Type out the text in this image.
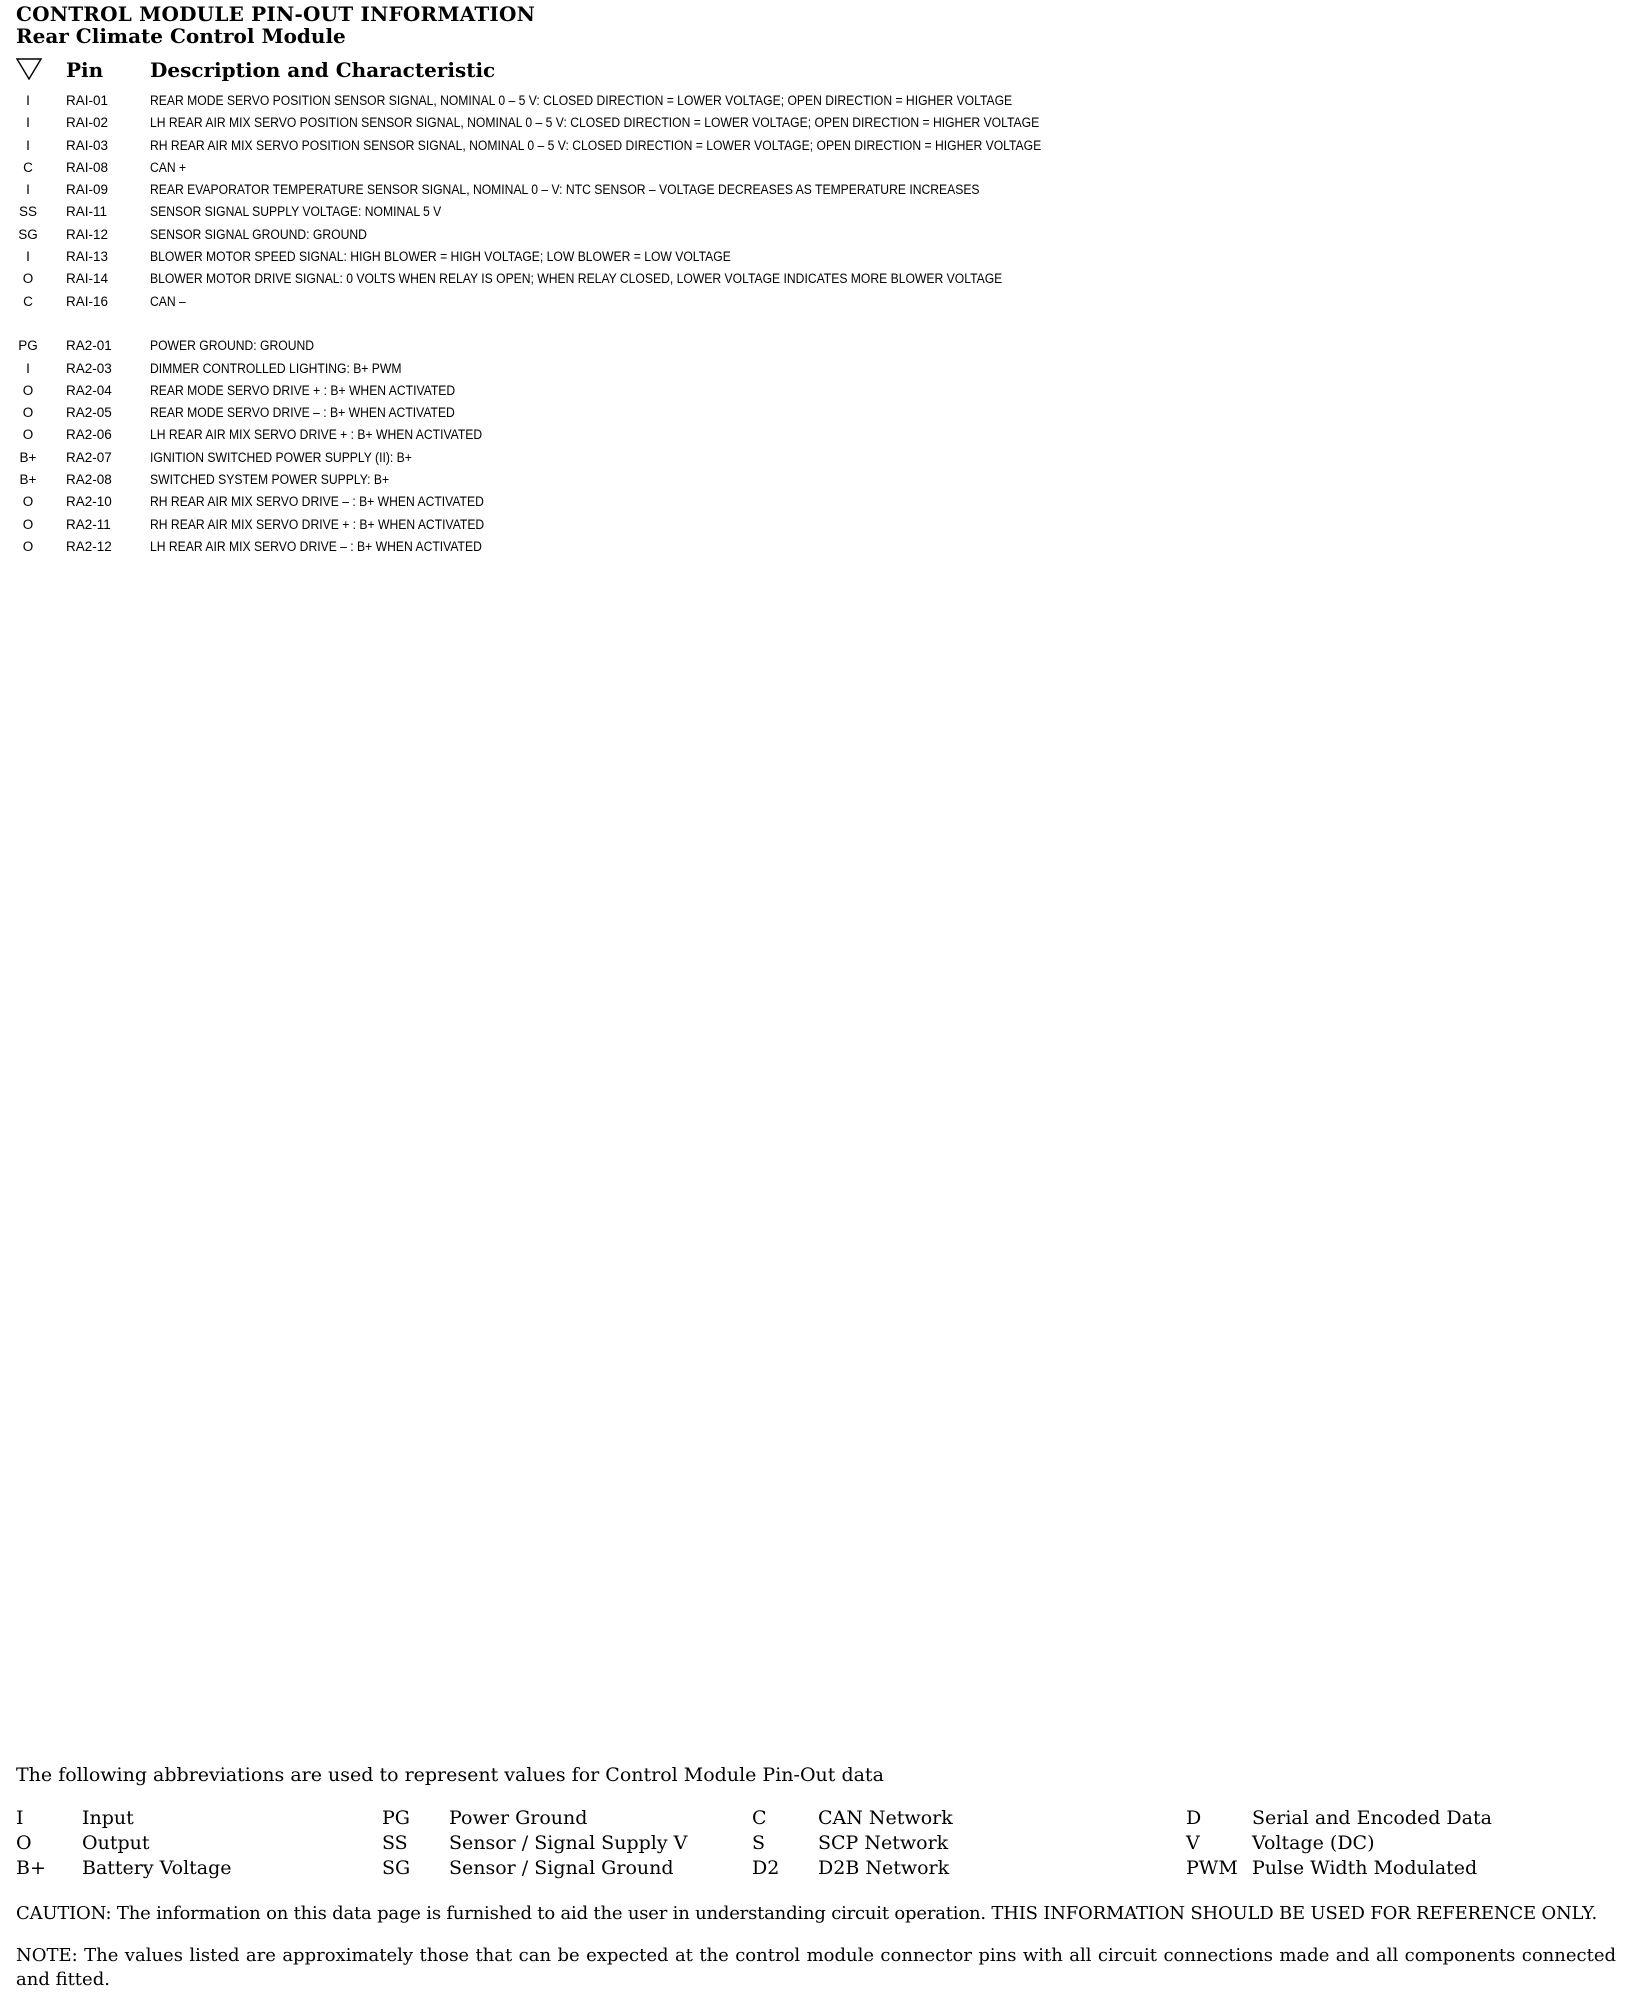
CONTROL MODULE PIN-OUT INFORMATION
Rear Climate Control Module
Pin Description and Characteristic
I	RAI-01	REAR MODE SERVO POSITION SENSOR SIGNAL, NOMINAL 0 – 5 V: CLOSED DIRECTION = LOWER VOLTAGE; OPEN DIRECTION = HIGHER VOLTAGE
I	RAI-02	LH REAR AIR MIX SERVO POSITION SENSOR SIGNAL, NOMINAL 0 – 5 V: CLOSED DIRECTION = LOWER VOLTAGE; OPEN DIRECTION = HIGHER VOLTAGE
I	RAI-03	RH REAR AIR MIX SERVO POSITION SENSOR SIGNAL, NOMINAL 0 – 5 V: CLOSED DIRECTION = LOWER VOLTAGE; OPEN DIRECTION = HIGHER VOLTAGE
C	RAI-08	CAN +
I	RAI-09	REAR EVAPORATOR TEMPERATURE SENSOR SIGNAL, NOMINAL 0 – V: NTC SENSOR – VOLTAGE DECREASES AS TEMPERATURE INCREASES
SS	RAI-11	SENSOR SIGNAL SUPPLY VOLTAGE: NOMINAL 5 V
SG	RAI-12	SENSOR SIGNAL GROUND: GROUND
I	RAI-13	BLOWER MOTOR SPEED SIGNAL: HIGH BLOWER = HIGH VOLTAGE; LOW BLOWER = LOW VOLTAGE
O	RAI-14	BLOWER MOTOR DRIVE SIGNAL: 0 VOLTS WHEN RELAY IS OPEN; WHEN RELAY CLOSED, LOWER VOLTAGE INDICATES MORE BLOWER VOLTAGE
C	RAI-16	CAN –
PG	RA2-01	POWER GROUND: GROUND
I	RA2-03	DIMMER CONTROLLED LIGHTING: B+ PWM
O	RA2-04	REAR MODE SERVO DRIVE + : B+ WHEN ACTIVATED
O	RA2-05	REAR MODE SERVO DRIVE – : B+ WHEN ACTIVATED
O	RA2-06	LH REAR AIR MIX SERVO DRIVE + : B+ WHEN ACTIVATED
B+	RA2-07	IGNITION SWITCHED POWER SUPPLY (II): B+
B+	RA2-08	SWITCHED SYSTEM POWER SUPPLY: B+
O	RA2-10	RH REAR AIR MIX SERVO DRIVE – : B+ WHEN ACTIVATED
O	RA2-11	RH REAR AIR MIX SERVO DRIVE + : B+ WHEN ACTIVATED
O	RA2-12	LH REAR AIR MIX SERVO DRIVE – : B+ WHEN ACTIVATED
The following abbreviations are used to represent values for Control Module Pin-Out data
I	Input
O	Output
B+ Battery Voltage
PG Power Ground
SS Sensor / Signal Supply V
SG Sensor / Signal Ground
C	CAN Network
S	SCP Network
D2 D2B Network
D	Serial and Encoded Data
V	Voltage (DC)
PWM Pulse Width Modulated
CAUTION: The information on this data page is furnished to aid the user in understanding circuit operation. THIS INFORMATION SHOULD BE USED FOR REFERENCE ONLY.
NOTE: The values listed are approximately those that can be expected at the control module connector pins with all circuit connections made and all components connected and fitted.
